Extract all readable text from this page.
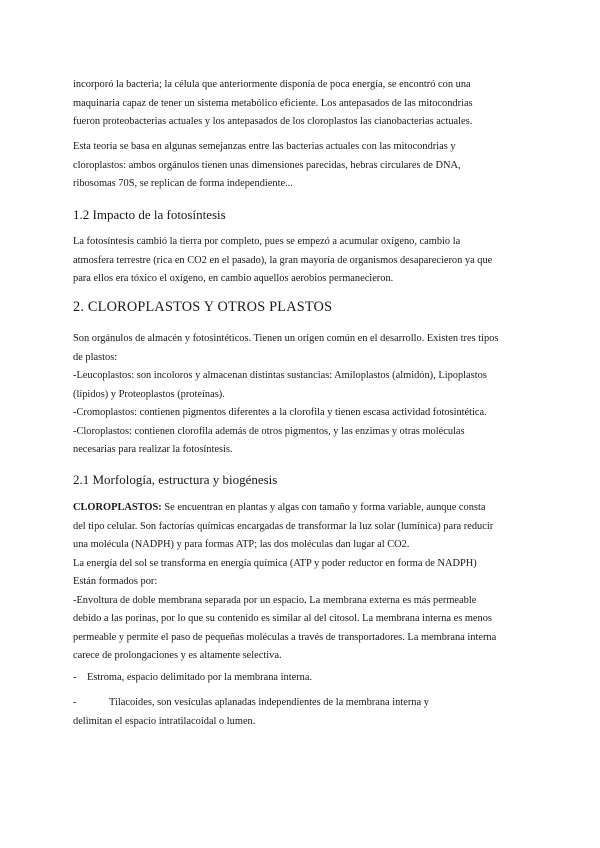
incorporó la bacteria; la célula que anteriormente disponía de poca energía, se encontró con una
maquinaria capaz de tener un sistema metabólico eficiente. Los antepasados de las mitocondrias
fueron proteobacterias actuales y los antepasados de los cloroplastos las cianobacterias actuales.

Esta teoría se basa en algunas semejanzas entre las bacterias actuales con las mitocondrias y
cloroplastos: ambos orgánulos tienen unas dimensiones parecidas, hebras circulares de DNA,
ribosomas 70S, se replican de forma independiente...

1.2 Impacto de la fotosíntesis

La fotosíntesis cambió la tierra por completo, pues se empezó a acumular oxígeno, cambio la
atmosfera terrestre (rica en CO2 en el pasado), la gran mayoría de organismos desaparecieron ya que
para ellos era tóxico el oxígeno, en cambio aquellos aerobios permanecieron.

2. CLOROPLASTOS Y OTROS PLASTOS

Son orgánulos de almacén y fotosintéticos. Tienen un origen común en el desarrollo. Existen tres tipos
de plastos:
-Leucoplastos: son incoloros y almacenan distintas sustancias: Amiloplastos (almidón), Lipoplastos
(lípidos) y Proteoplastos (proteínas).
-Cromoplastos: contienen pigmentos diferentes a la clorofila y tienen escasa actividad fotosintética.
-Cloroplastos: contienen clorofila además de otros pigmentos, y las enzimas y otras moléculas
necesarias para realizar la fotosíntesis.

2.1 Morfología, estructura y biogénesis

CLOROPLASTOS: Se encuentran en plantas y algas con tamaño y forma variable, aunque consta
del tipo celular. Son factorías químicas encargadas de transformar la luz solar (lumínica) para reducir
una molécula (NADPH) y para formas ATP; las dos moléculas dan lugar al CO2.
La energía del sol se transforma en energía química (ATP y poder reductor en forma de NADPH)
Están formados por:
-Envoltura de doble membrana separada por un espacio. La membrana externa es más permeable
debido a las porinas, por lo que su contenido es similar al del citosol. La membrana interna es menos
permeable y permite el paso de pequeñas moléculas a través de transportadores. La membrana interna
carece de prolongaciones y es altamente selectiva.

- Estroma, espacio delimitado por la membrana interna.

-	Tilacoides, son vesículas aplanadas independientes de la membrana interna y
delimitan el espacio intratilacoidal o lumen.
